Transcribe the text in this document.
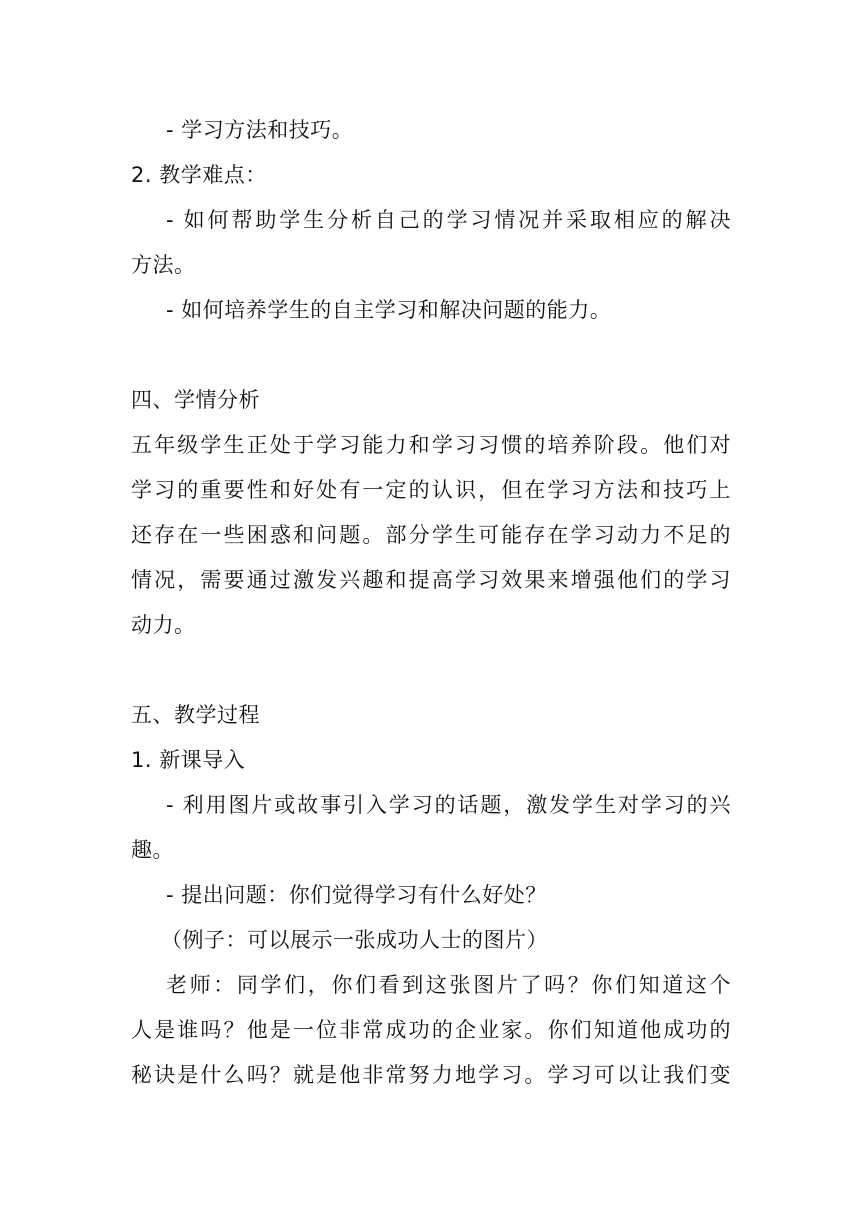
- 学习方法和技巧。
2. 教学难点：
- 如何帮助学生分析自己的学习情况并采取相应的解决
方法。
- 如何培养学生的自主学习和解决问题的能力。
四、学情分析
五年级学生正处于学习能力和学习习惯的培养阶段。他们对
学习的重要性和好处有一定的认识，但在学习方法和技巧上
还存在一些困惑和问题。部分学生可能存在学习动力不足的
情况，需要通过激发兴趣和提高学习效果来增强他们的学习
动力。
五、教学过程
1. 新课导入
- 利用图片或故事引入学习的话题，激发学生对学习的兴
趣。
- 提出问题：你们觉得学习有什么好处？
（例子：可以展示一张成功人士的图片）
老师：同学们，你们看到这张图片了吗？你们知道这个
人是谁吗？他是一位非常成功的企业家。你们知道他成功的
秘诀是什么吗？就是他非常努力地学习。学习可以让我们变
